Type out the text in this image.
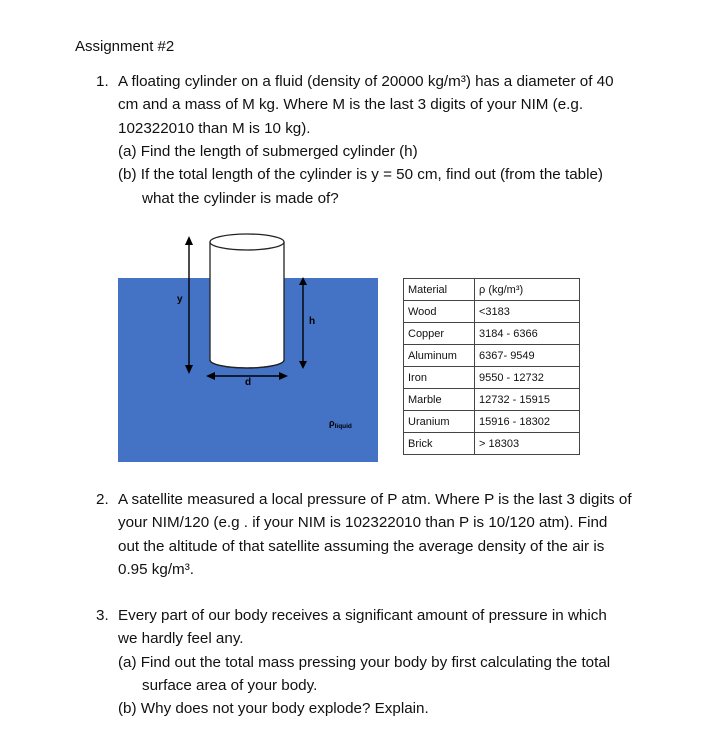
Assignment #2
1. A floating cylinder on a fluid (density of 20000 kg/m³) has a diameter of 40
cm and a mass of M kg. Where M is the last 3 digits of your NIM (e.g.
102322010 than M is 10 kg).
(a) Find the length of submerged cylinder (h)
(b) If the total length of the cylinder is y = 50 cm, find out (from the table)
what the cylinder is made of?
y
h
d
$\rho_{liquid}$
Material	ρ (kg/m³)
Wood	<3183
Copper	3184 - 6366
Aluminum	6367- 9549
Iron	9550 - 12732
Marble	12732 - 15915
Uranium	15916 - 18302
Brick	> 18303
2. A satellite measured a local pressure of P atm. Where P is the last 3 digits of
your NIM/120 (e.g . if your NIM is 102322010 than P is 10/120 atm). Find
out the altitude of that satellite assuming the average density of the air is
0.95 kg/m³.
3. Every part of our body receives a significant amount of pressure in which
we hardly feel any.
(a) Find out the total mass pressing your body by first calculating the total
surface area of your body.
(b) Why does not your body explode? Explain.
